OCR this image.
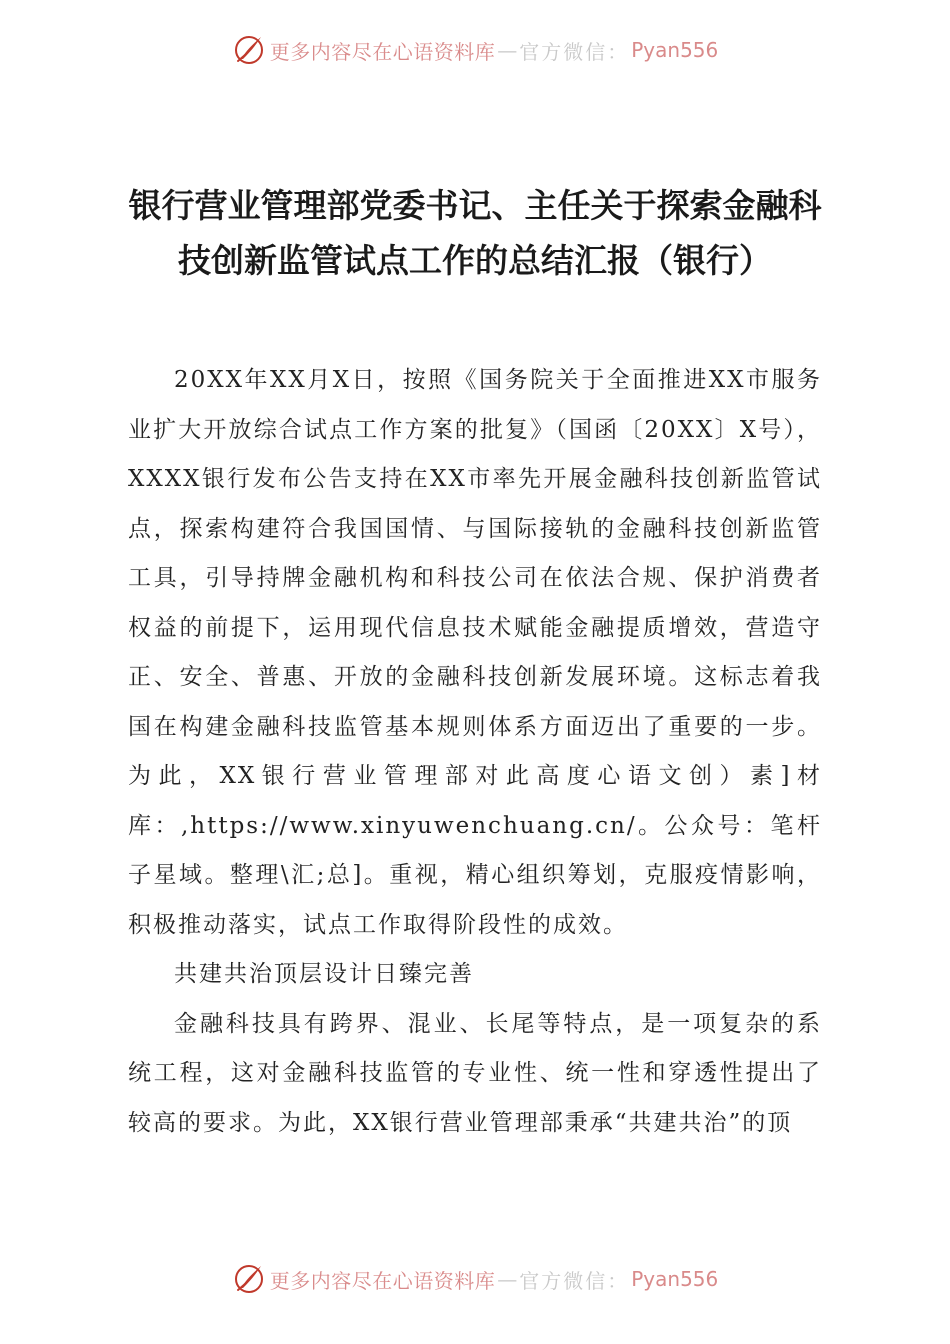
更多内容尽在心语资料库 — 官方微信： Pyan556
银行营业管理部党委书记、主任关于探索金融科技创新监管试点工作的总结汇报（银行）

20XX年XX月X日，按照《国务院关于全面推进XX市服务业扩大开放综合试点工作方案的批复》（国函〔20XX〕X号），XXXX银行发布公告支持在XX市率先开展金融科技创新监管试点，探索构建符合我国国情、与国际接轨的金融科技创新监管工具，引导持牌金融机构和科技公司在依法合规、保护消费者权益的前提下，运用现代信息技术赋能金融提质增效，营造守正、安全、普惠、开放的金融科技创新发展环境。这标志着我国在构建金融科技监管基本规则体系方面迈出了重要的一步。为此，XX银行营业管理部对此高度心语文创）素]材库：,https://www.xinyuwenchuang.cn/。公众号：笔杆子星域。整理\汇;总]。重视，精心组织筹划，克服疫情影响，积极推动落实，试点工作取得阶段性的成效。

共建共治顶层设计日臻完善

金融科技具有跨界、混业、长尾等特点，是一项复杂的系统工程，这对金融科技监管的专业性、统一性和穿透性提出了较高的要求。为此，XX银行营业管理部秉承“共建共治”的顶

更多内容尽在心语资料库 — 官方微信： Pyan556
